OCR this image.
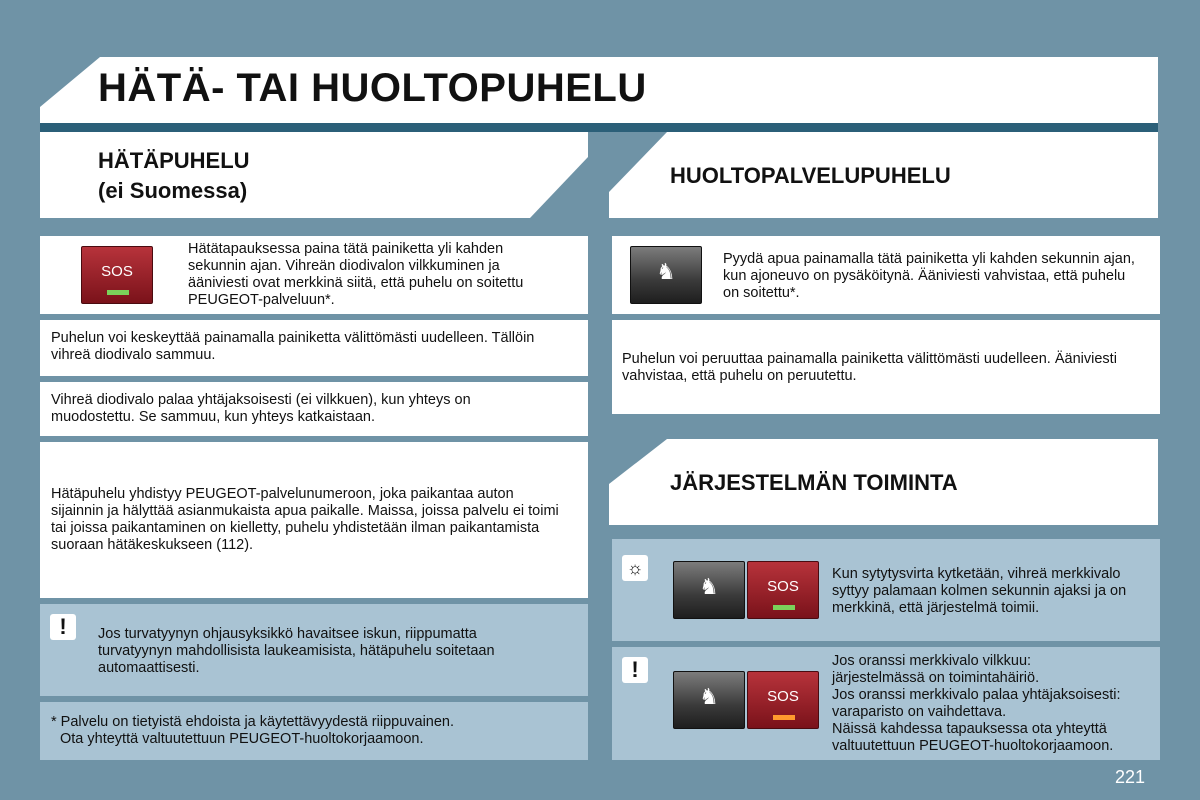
HÄTÄ- TAI HUOLTOPUHELU
HÄTÄPUHELU
(ei Suomessa)
SOS
Hätätapauksessa paina tätä painiketta yli kahden sekunnin ajan. Vihreän diodivalon vilkkuminen ja ääniviesti ovat merkkinä siitä, että puhelu on soitettu PEUGEOT-palveluun*.
Puhelun voi keskeyttää painamalla painiketta välittömästi uudelleen. Tällöin vihreä diodivalo sammuu.
Vihreä diodivalo palaa yhtäjaksoisesti (ei vilkkuen), kun yhteys on muodostettu. Se sammuu, kun yhteys katkaistaan.
Hätäpuhelu yhdistyy PEUGEOT-palvelunumeroon, joka paikantaa auton sijainnin ja hälyttää asianmukaista apua paikalle. Maissa, joissa palvelu ei toimi tai joissa paikantaminen on kielletty, puhelu yhdistetään ilman paikantamista suoraan hätäkeskukseen (112).
!	Jos turvatyynyn ohjausyksikkö havaitsee iskun, riippumatta turvatyynyn mahdollisista laukeamisista, hätäpuhelu soitetaan automaattisesti.
* Palvelu on tietyistä ehdoista ja käytettävyydestä riippuvainen.
Ota yhteyttä valtuutettuun PEUGEOT-huoltokorjaamoon.
HUOLTOPALVELUPUHELU
♞	Pyydä apua painamalla tätä painiketta yli kahden sekunnin ajan, kun ajoneuvo on pysäköitynä. Ääniviesti vahvistaa, että puhelu on soitettu*.
Puhelun voi peruuttaa painamalla painiketta välittömästi uudelleen. Ääniviesti vahvistaa, että puhelu on peruutettu.
JÄRJESTELMÄN TOIMINTA
☼
♞	SOS
Kun sytytysvirta kytketään, vihreä merkkivalo syttyy palamaan kolmen sekunnin ajaksi ja on merkkinä, että järjestelmä toimii.
!
♞	SOS
Jos oranssi merkkivalo vilkkuu:
järjestelmässä on toimintahäiriö.
Jos oranssi merkkivalo palaa yhtäjaksoisesti:
varaparisto on vaihdettava.
Näissä kahdessa tapauksessa ota yhteyttä valtuutettuun PEUGEOT-huoltokorjaamoon.
221
